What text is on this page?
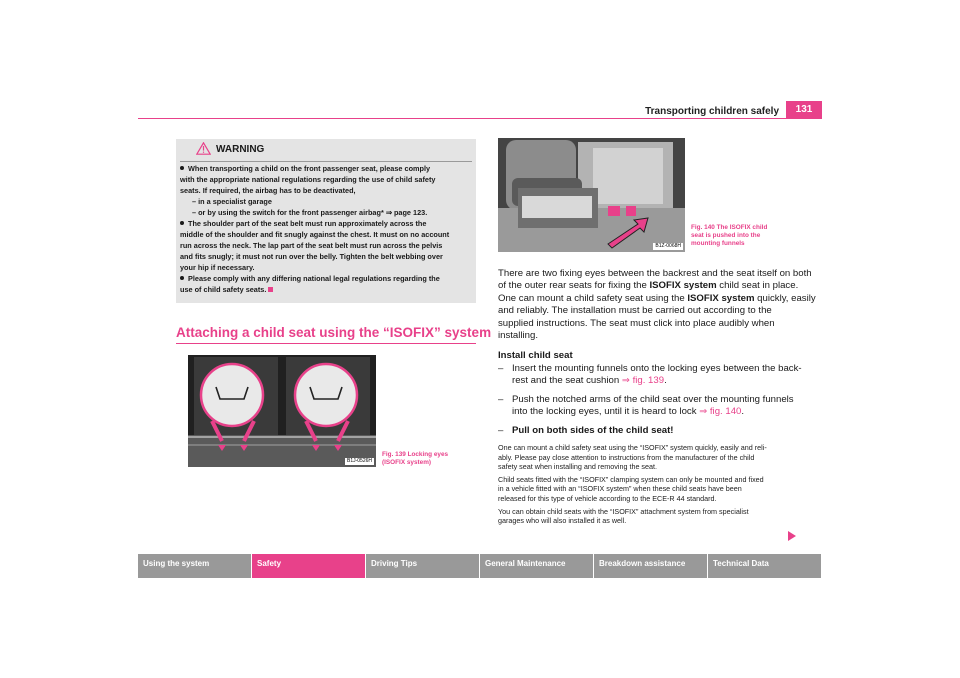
Transporting children safely	131
WARNING
When transporting a child on the front passenger seat, please comply
with the appropriate national regulations regarding the use of child safety
seats. If required, the airbag has to be deactivated,
– in a specialist garage
– or by using the switch for the front passenger airbag* ⇒ page 123.
The shoulder part of the seat belt must run approximately across the
middle of the shoulder and fit snugly against the chest. It must on no account
run across the neck. The lap part of the seat belt must run across the pelvis
and fits snugly; it must not run over the belly. Tighten the belt webbing over
your hip if necessary.
Please comply with any differing national legal regulations regarding the
use of child safety seats.
Attaching a child seat using the “ISOFIX” system
B1J-0526H
Fig. 139 Locking eyes
(ISOFIX system)
B1Z-0068H
Fig. 140 The ISOFIX child
seat is pushed into the
mounting funnels
There are two fixing eyes between the backrest and the seat itself on both
of the outer rear seats for fixing the ISOFIX system child seat in place.
One can mount a child safety seat using the ISOFIX system quickly, easily
and reliably. The installation must be carried out according to the
supplied instructions. The seat must click into place audibly when
installing.
Install child seat
– Insert the mounting funnels onto the locking eyes between the back-
rest and the seat cushion ⇒ fig. 139.
– Push the notched arms of the child seat over the mounting funnels
into the locking eyes, until it is heard to lock ⇒ fig. 140.
– Pull on both sides of the child seat!
One can mount a child safety seat using the “ISOFIX” system quickly, easily and reli-
ably. Please pay close attention to instructions from the manufacturer of the child
safety seat when installing and removing the seat.
Child seats fitted with the “ISOFIX” clamping system can only be mounted and fixed
in a vehicle fitted with an “ISOFIX system” when these child seats have been
released for this type of vehicle according to the ECE-R 44 standard.
You can obtain child seats with the “ISOFIX” attachment system from specialist
garages who will also installed it as well.
Using the system	Safety	Driving Tips	General Maintenance	Breakdown assistance	Technical Data
